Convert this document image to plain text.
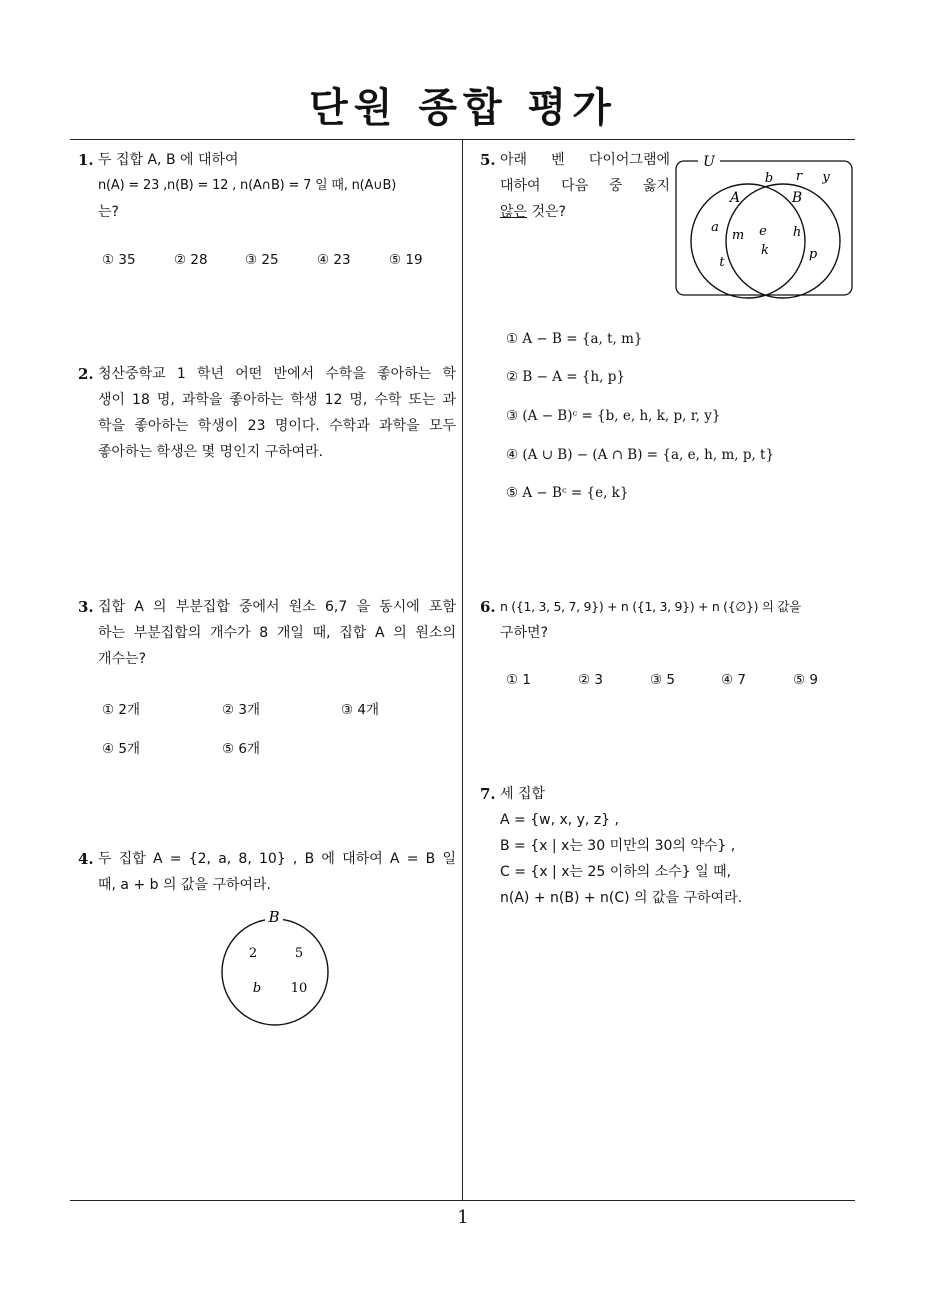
단원 종합 평가
1. 두 집합 A, B 에 대하여

n(A) = 23 ,n(B) = 12 , n(A∩B) = 7 일 때, n(A∪B)

는?

① 35	② 28	③ 25	④ 23	⑤ 19
2. 청산중학교 1 학년 어떤 반에서 수학을 좋아하는 학

생이 18 명, 과학을 좋아하는 학생 12 명, 수학 또는 과

학을 좋아하는 학생이 23 명이다. 수학과 과학을 모두

좋아하는 학생은 몇 명인지 구하여라.

3. 집합 A 의 부분집합 중에서 원소 6,7 을 동시에 포함

하는 부분집합의 개수가 8 개일 때, 집합 A 의 원소의

개수는?

① 2개	② 3개	③ 4개
④ 5개	⑤ 6개
4. 두 집합 A = {2, a, 8, 10} , B 에 대하여 A = B 일

때, a + b 의 값을 구하여라.

B
2	5
b 10
5. 아래 벤 다이어그램에

대하여 다음 중 옳지

않은 것은?

U
A	B
b r y
a
m
t
e
k
h
p
① A − B = {a, t, m}
② B − A = {h, p}
③ (A − B)ᶜ = {b, e, h, k, p, r, y}
④ (A ∪ B) − (A ∩ B) = {a, e, h, m, p, t}
⑤ A − Bᶜ = {e, k}
6. n ({1, 3, 5, 7, 9}) + n ({1, 3, 9}) + n ({∅}) 의 값을

구하면?

① 1	② 3	③ 5	④ 7	⑤ 9
7. 세 집합

A = {w, x, y, z} ,

B = {x | x는 30 미만의 30의 약수} ,

C = {x | x는 25 이하의 소수} 일 때,

n(A) + n(B) + n(C) 의 값을 구하여라.

1
